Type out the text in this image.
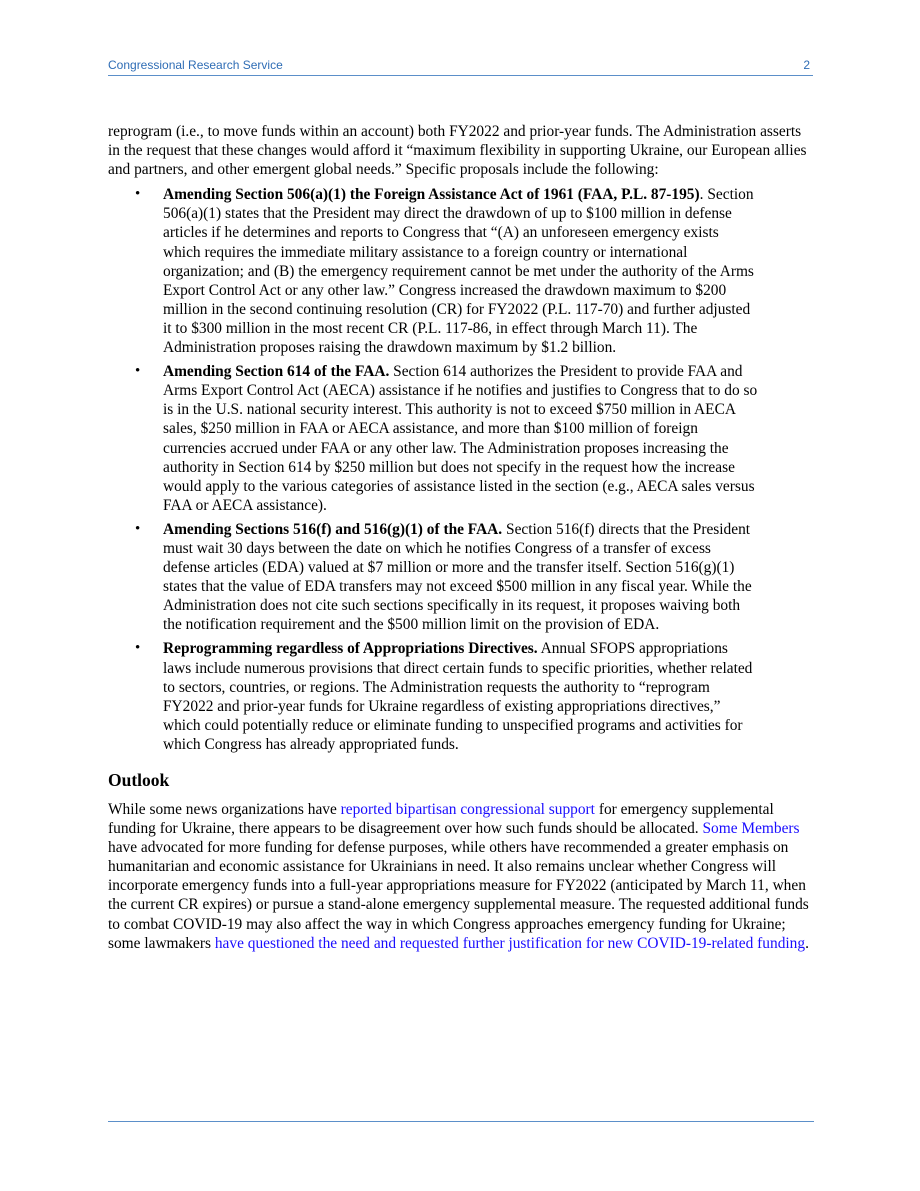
Congressional Research Service	2

reprogram (i.e., to move funds within an account) both FY2022 and prior-year funds. The Administration asserts in the request that these changes would afford it “maximum flexibility in supporting Ukraine, our European allies and partners, and other emergent global needs.” Specific proposals include the following:

• Amending Section 506(a)(1) the Foreign Assistance Act of 1961 (FAA, P.L. 87-195). Section 506(a)(1) states that the President may direct the drawdown of up to $100 million in defense articles if he determines and reports to Congress that “(A) an unforeseen emergency exists which requires the immediate military assistance to a foreign country or international organization; and (B) the emergency requirement cannot be met under the authority of the Arms Export Control Act or any other law.” Congress increased the drawdown maximum to $200 million in the second continuing resolution (CR) for FY2022 (P.L. 117-70) and further adjusted it to $300 million in the most recent CR (P.L. 117-86, in effect through March 11). The Administration proposes raising the drawdown maximum by $1.2 billion.
• Amending Section 614 of the FAA. Section 614 authorizes the President to provide FAA and Arms Export Control Act (AECA) assistance if he notifies and justifies to Congress that to do so is in the U.S. national security interest. This authority is not to exceed $750 million in AECA sales, $250 million in FAA or AECA assistance, and more than $100 million of foreign currencies accrued under FAA or any other law. The Administration proposes increasing the authority in Section 614 by $250 million but does not specify in the request how the increase would apply to the various categories of assistance listed in the section (e.g., AECA sales versus FAA or AECA assistance).
• Amending Sections 516(f) and 516(g)(1) of the FAA. Section 516(f) directs that the President must wait 30 days between the date on which he notifies Congress of a transfer of excess defense articles (EDA) valued at $7 million or more and the transfer itself. Section 516(g)(1) states that the value of EDA transfers may not exceed $500 million in any fiscal year. While the Administration does not cite such sections specifically in its request, it proposes waiving both the notification requirement and the $500 million limit on the provision of EDA.
• Reprogramming regardless of Appropriations Directives. Annual SFOPS appropriations laws include numerous provisions that direct certain funds to specific priorities, whether related to sectors, countries, or regions. The Administration requests the authority to “reprogram FY2022 and prior-year funds for Ukraine regardless of existing appropriations directives,” which could potentially reduce or eliminate funding to unspecified programs and activities for which Congress has already appropriated funds.
Outlook

While some news organizations have reported bipartisan congressional support for emergency supplemental funding for Ukraine, there appears to be disagreement over how such funds should be allocated. Some Members have advocated for more funding for defense purposes, while others have recommended a greater emphasis on humanitarian and economic assistance for Ukrainians in need. It also remains unclear whether Congress will incorporate emergency funds into a full-year appropriations measure for FY2022 (anticipated by March 11, when the current CR expires) or pursue a stand-alone emergency supplemental measure. The requested additional funds to combat COVID-19 may also affect the way in which Congress approaches emergency funding for Ukraine; some lawmakers have questioned the need and requested further justification for new COVID-19-related funding.
